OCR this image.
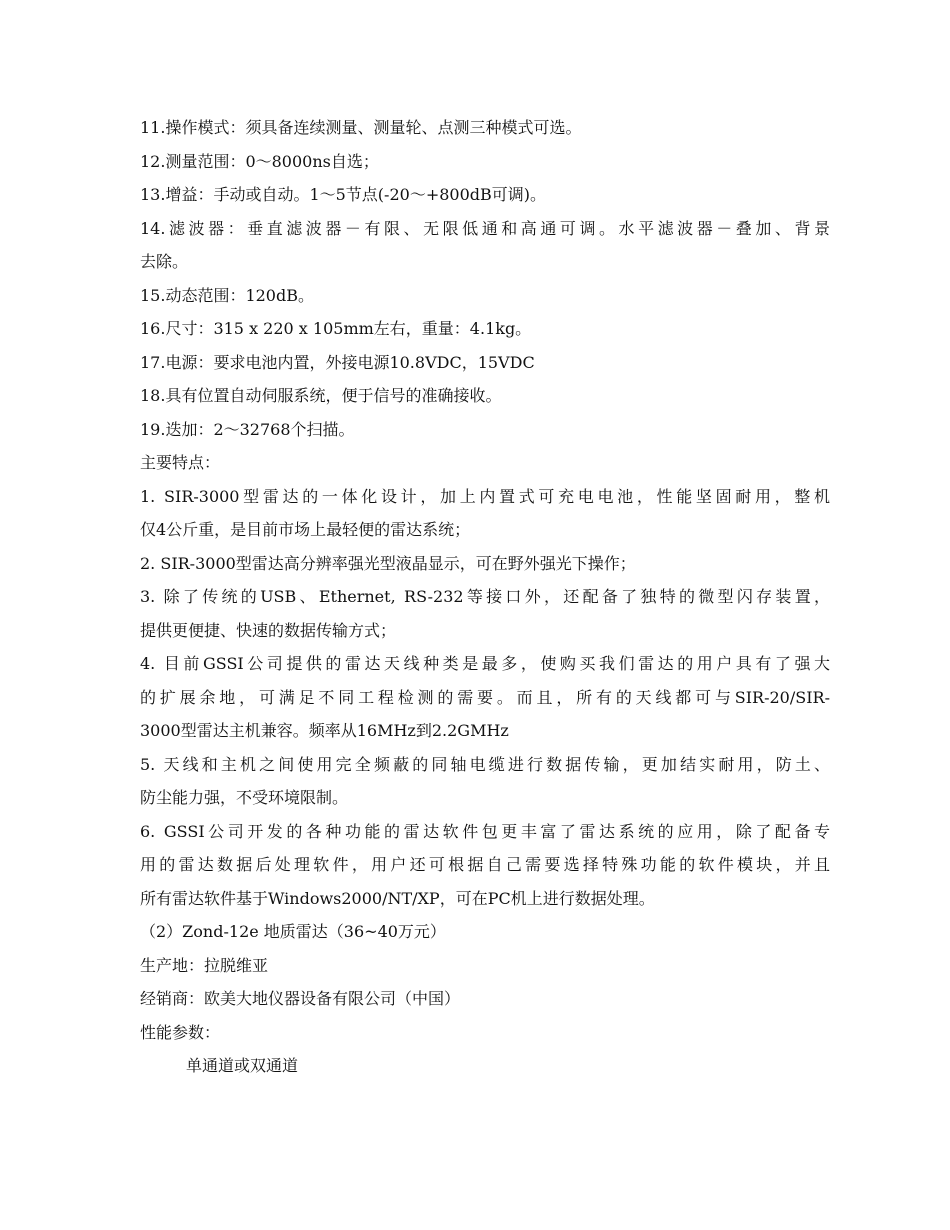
11.操作模式：须具备连续测量、测量轮、点测三种模式可选。
12.测量范围：0～8000ns自选；
13.增益：手动或自动。1～5节点(-20～+800dB可调)。
14.滤波器：垂直滤波器－有限、无限低通和高通可调。水平滤波器－叠加、背景
去除。
15.动态范围：120dB。
16.尺寸：315 x 220 x 105mm左右，重量：4.1kg。
17.电源：要求电池内置，外接电源10.8VDC，15VDC
18.具有位置自动伺服系统，便于信号的准确接收。
19.迭加：2～32768个扫描。
主要特点：
1. SIR-3000型雷达的一体化设计，加上内置式可充电电池，性能坚固耐用，整机
仅4公斤重，是目前市场上最轻便的雷达系统；
2. SIR-3000型雷达高分辨率强光型液晶显示，可在野外强光下操作；
3. 除了传统的USB、Ethernet, RS-232等接口外，还配备了独特的微型闪存装置，
提供更便捷、快速的数据传输方式；
4. 目前GSSI公司提供的雷达天线种类是最多，使购买我们雷达的用户具有了强大
的扩展余地，可满足不同工程检测的需要。而且，所有的天线都可与SIR-20/SIR-
3000型雷达主机兼容。频率从16MHz到2.2GMHz
5. 天线和主机之间使用完全频蔽的同轴电缆进行数据传输，更加结实耐用，防土、
防尘能力强，不受环境限制。
6. GSSI公司开发的各种功能的雷达软件包更丰富了雷达系统的应用，除了配备专
用的雷达数据后处理软件，用户还可根据自己需要选择特殊功能的软件模块，并且
所有雷达软件基于Windows2000/NT/XP，可在PC机上进行数据处理。
（2）Zond-12e 地质雷达（36~40万元）
生产地：拉脱维亚
经销商：欧美大地仪器设备有限公司（中国）
性能参数：
单通道或双通道
